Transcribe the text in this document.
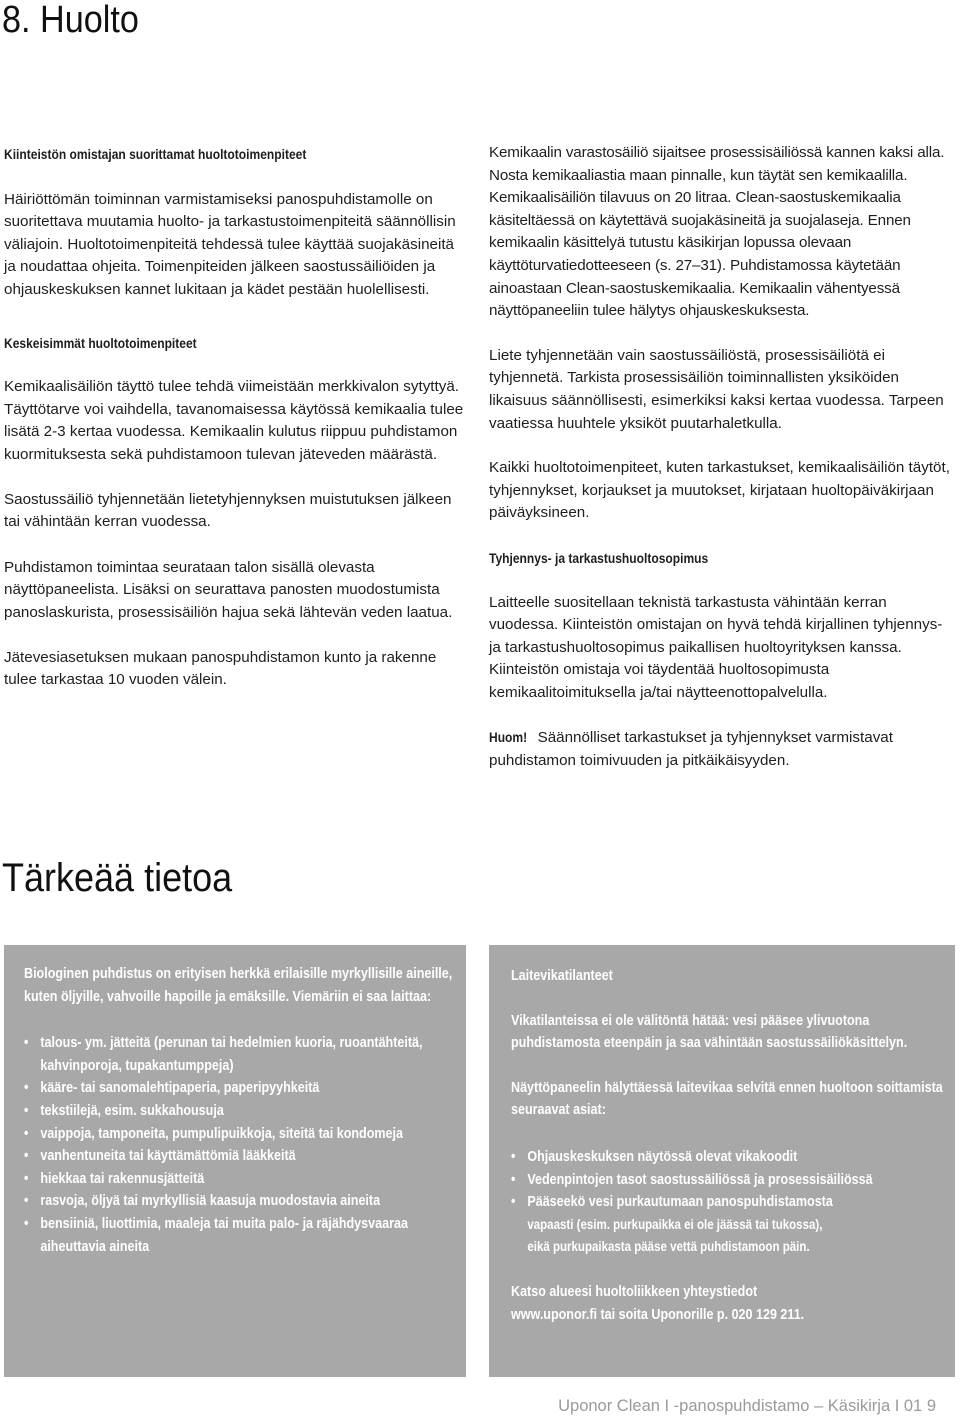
8. Huolto
Kiinteistön omistajan suorittamat huoltotoimenpiteet

Häiriöttömän toiminnan varmistamiseksi panospuhdistamolle on suoritettava muutamia huolto- ja tarkastustoimenpiteitä säännöllisin väliajoin. Huoltotoimenpiteitä tehdessä tulee käyttää suojakäsineitä ja noudattaa ohjeita. Toimenpiteiden jälkeen saostussäiliöiden ja ohjauskeskuksen kannet lukitaan ja kädet pestään huolellisesti.

Keskeisimmät huoltotoimenpiteet

Kemikaalisäiliön täyttö tulee tehdä viimeistään merkkivalon sytyttyä. Täyttötarve voi vaihdella, tavanomaisessa käytössä kemikaalia tulee lisätä 2-3 kertaa vuodessa. Kemikaalin kulutus riippuu puhdistamon kuormituksesta sekä puhdistamoon tulevan jäteveden määrästä.

Saostussäiliö tyhjennetään lietetyhjennyksen muistutuksen jälkeen tai vähintään kerran vuodessa.

Puhdistamon toimintaa seurataan talon sisällä olevasta näyttöpaneelista. Lisäksi on seurattava panosten muodostumista panoslaskurista, prosessisäiliön hajua sekä lähtevän veden laatua.

Jätevesiasetuksen mukaan panospuhdistamon kunto ja rakenne tulee tarkastaa 10 vuoden välein.

Kemikaalin varastosäiliö sijaitsee prosessisäiliössä kannen kaksi alla. Nosta kemikaaliastia maan pinnalle, kun täytät sen kemikaalilla. Kemikaalisäiliön tilavuus on 20 litraa. Clean-saostuskemikaalia käsiteltäessä on käytettävä suojakäsineitä ja suojalaseja. Ennen kemikaalin käsittelyä tutustu käsikirjan lopussa olevaan käyttöturvatiedotteeseen (s. 27–31). Puhdistamossa käytetään ainoastaan Clean-saostuskemikaalia. Kemikaalin vähentyessä näyttöpaneeliin tulee hälytys ohjauskeskuksesta.

Liete tyhjennetään vain saostussäiliöstä, prosessisäiliötä ei tyhjennetä. Tarkista prosessisäiliön toiminnallisten yksiköiden likaisuus säännöllisesti, esimerkiksi kaksi kertaa vuodessa. Tarpeen vaatiessa huuhtele yksiköt puutarhaletkulla.

Kaikki huoltotoimenpiteet, kuten tarkastukset, kemikaalisäiliön täytöt, tyhjennykset, korjaukset ja muutokset, kirjataan huoltopäiväkirjaan päiväyksineen.

Tyhjennys- ja tarkastushuoltosopimus

Laitteelle suositellaan teknistä tarkastusta vähintään kerran vuodessa. Kiinteistön omistajan on hyvä tehdä kirjallinen tyhjennys- ja tarkastushuoltosopimus paikallisen huoltoyrityksen kanssa. Kiinteistön omistaja voi täydentää huoltosopimusta kemikaalitoimituksella ja/tai näytteenottopalvelulla.

Huom! Säännölliset tarkastukset ja tyhjennykset varmistavat puhdistamon toimivuuden ja pitkäikäisyyden.

Tärkeää tietoa

Biologinen puhdistus on erityisen herkkä erilaisille myrkyllisille aineille, kuten öljyille, vahvoille hapoille ja emäksille. Viemäriin ei saa laittaa:

• talous- ym. jätteitä (perunan tai hedelmien kuoria, ruoantähteitä, kahvinporoja, tupakantumppeja)
• kääre- tai sanomalehtipaperia, paperipyyhkeitä
• tekstiilejä, esim. sukkahousuja
• vaippoja, tamponeita, pumpulipuikkoja, siteitä tai kondomeja
• vanhentuneita tai käyttämättömiä lääkkeitä
• hiekkaa tai rakennusjätteitä
• rasvoja, öljyä tai myrkyllisiä kaasuja muodostavia aineita
• bensiiniä, liuottimia, maaleja tai muita palo- ja räjähdysvaaraa aiheuttavia aineita

Laitevikatilanteet

Vikatilanteissa ei ole välitöntä hätää: vesi pääsee ylivuotona puhdistamosta eteenpäin ja saa vähintään saostussäiliökäsittelyn.

Näyttöpaneelin hälyttäessä laitevikaa selvitä ennen huoltoon soittamista seuraavat asiat:

• Ohjauskeskuksen näytössä olevat vikakoodit
• Vedenpintojen tasot saostussäiliössä ja prosessisäiliössä
• Pääseekö vesi purkautumaan panospuhdistamosta

vapaasti (esim. purkupaikka ei ole jäässä tai tukossa),

eikä purkupaikasta pääse vettä puhdistamoon päin.

Katso alueesi huoltoliikkeen yhteystiedot

www.uponor.fi tai soita Uponorille p. 020 129 211.

Uponor Clean I -panospuhdistamo – Käsikirja I 01 9
